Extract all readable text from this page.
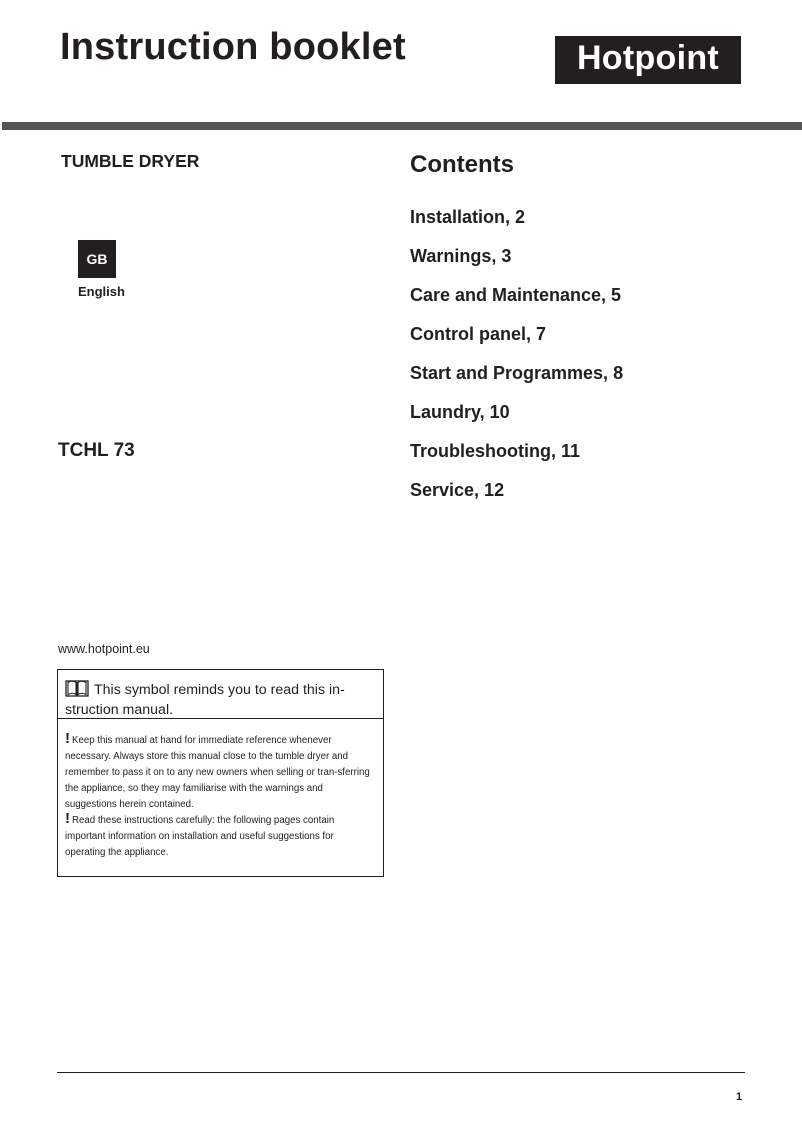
Instruction booklet	Hotpoint
TUMBLE DRYER
GB
English
TCHL 73
www.hotpoint.eu
Contents
Installation, 2
Warnings, 3
Care and Maintenance, 5
Control panel, 7
Start and Programmes, 8
Laundry, 10
Troubleshooting, 11
Service, 12
This symbol reminds you to read this in-struction manual.
! Keep this manual at hand for immediate reference whenever necessary. Always store this manual close to the tumble dryer and remember to pass it on to any new owners when selling or tran-sferring the appliance, so they may familiarise with the warnings and suggestions herein contained.
! Read these instructions carefully: the following pages contain important information on installation and useful suggestions for operating the appliance.
1
